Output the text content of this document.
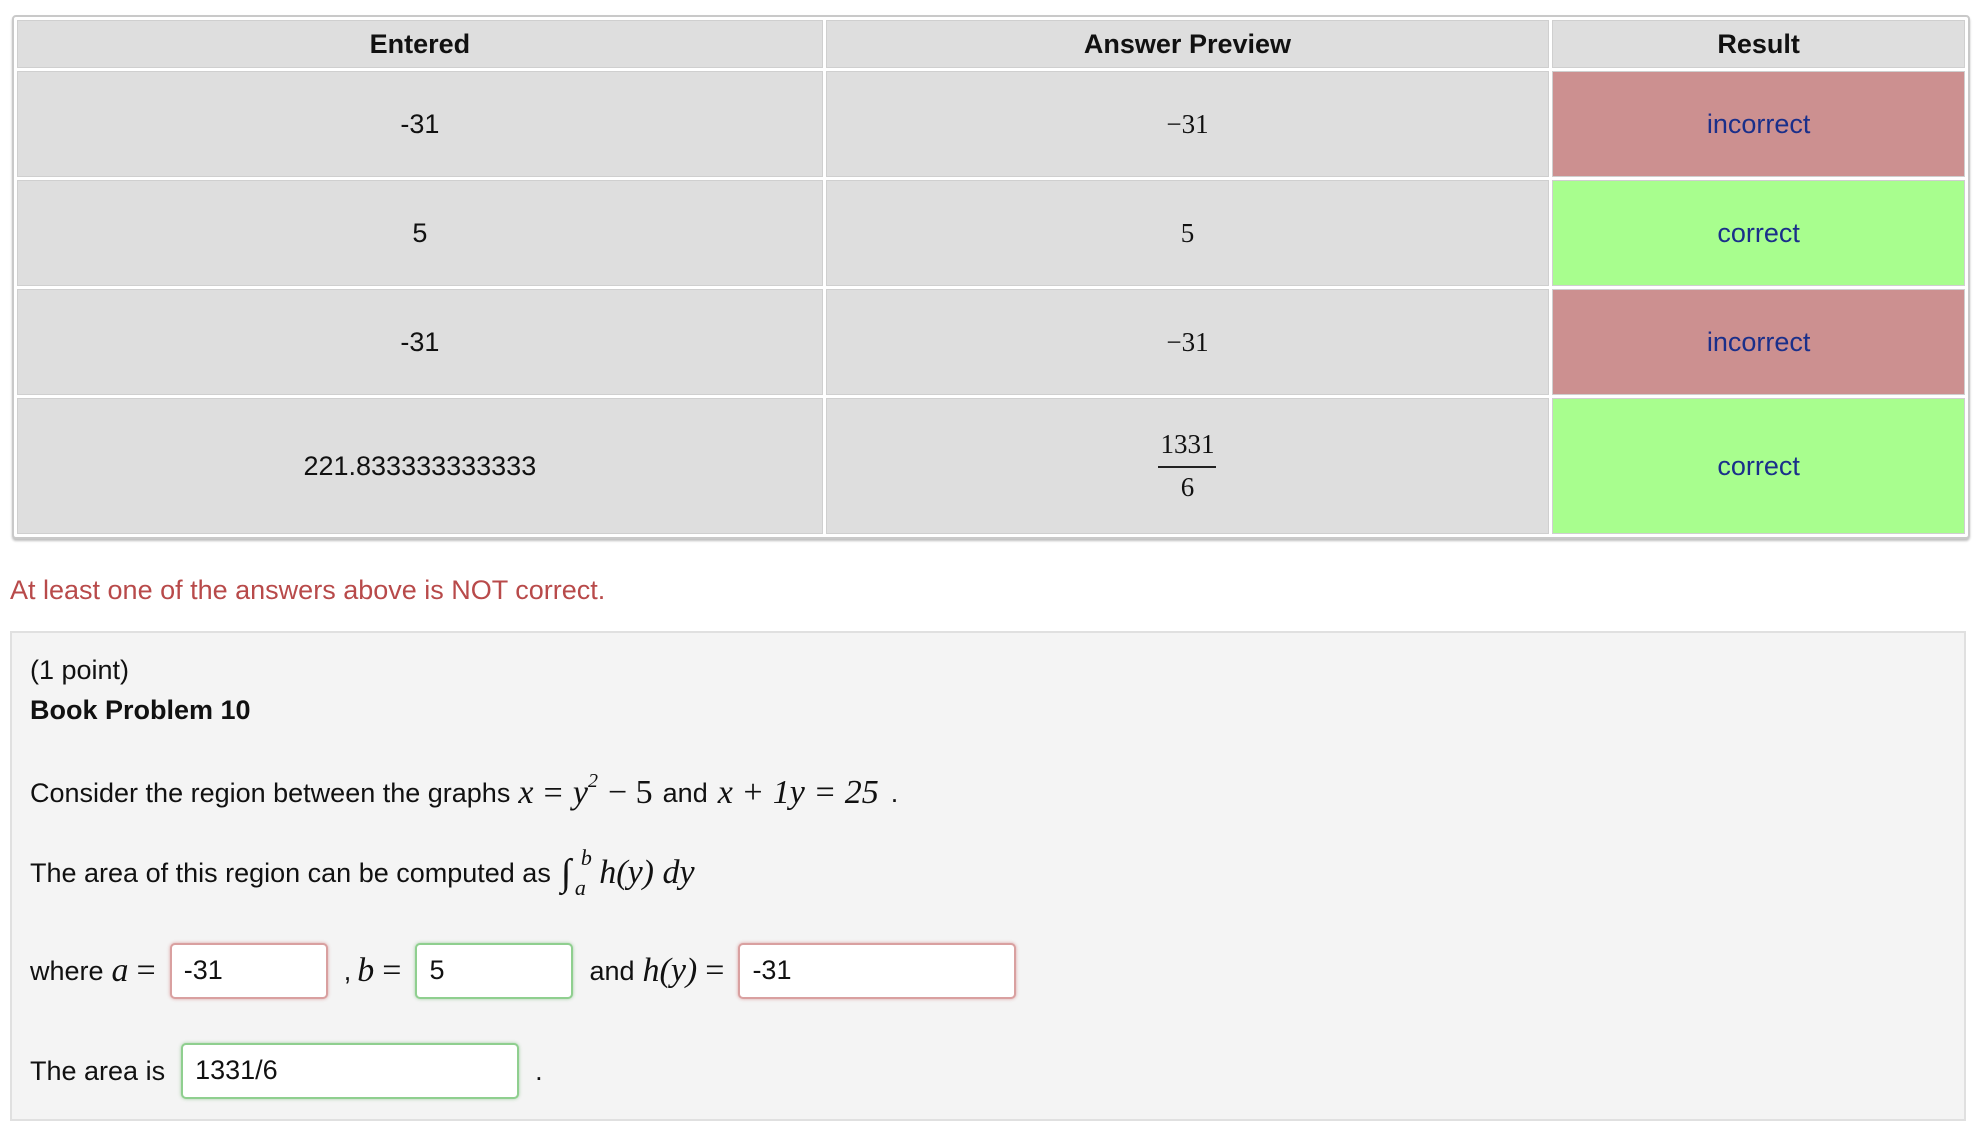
Entered	Answer Preview	Result
-31	−31	incorrect
5	5	correct
-31	−31	incorrect
221.833333333333	$\frac{1331}{6}$	correct
At least one of the answers above is NOT correct.
(1 point)
Book Problem 10
Consider the region between the graphs $x = y^2 - 5$ and x + 1y = 25 .
The area of this region can be computed as ∫ b
a h(y) dy
where a =	-31	, b =	5	and h(y) =	-31
The area is	1331/6	.
